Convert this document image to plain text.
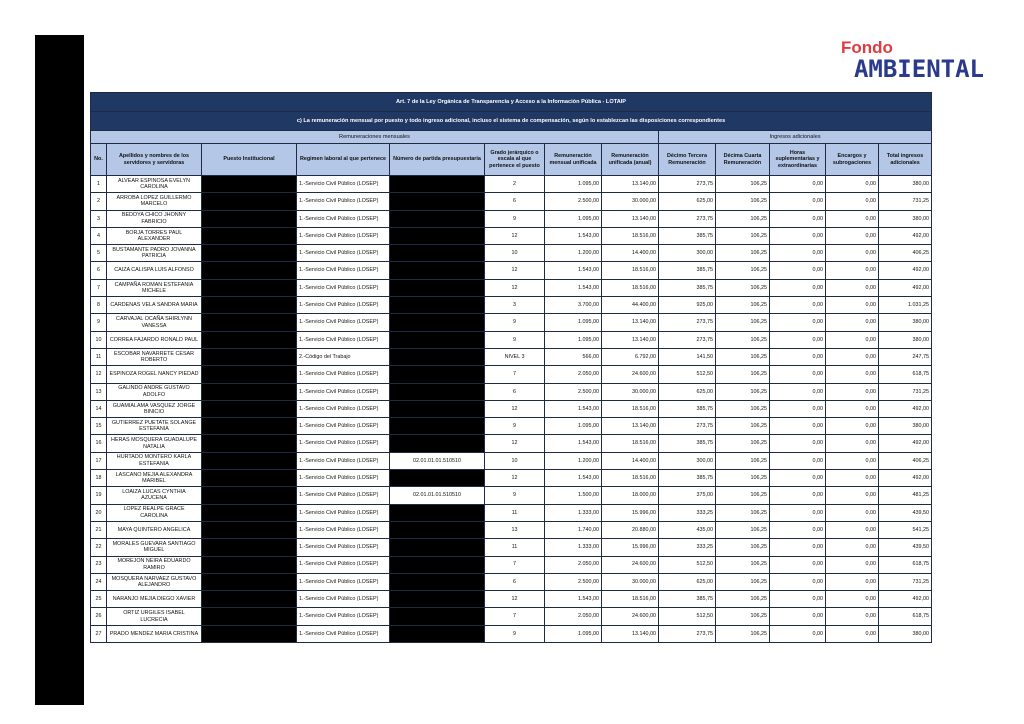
Fondo
AMBIENTAL
Art. 7 de la Ley Orgánica de Transparencia y Acceso a la Información Pública - LOTAIP												
c) La remuneración mensual por puesto y todo ingreso adicional, incluso el sistema de compensación, según lo establezcan las disposiciones correspondientes												
Remuneraciones mensuales								Ingresos adicionales				
No.	Apellidos y nombres de los servidores y servidoras	Puesto Institucional	Regimen laboral al que pertenece	Número de partida presupuestaria	Grado jerárquico o escala al que pertenece el puesto	Remuneración mensual unificada	Remuneración unificada (anual)	Décimo Tercera Remuneración	Décima Cuarta Remuneración	Horas suplementarias y extraordinarias	Encargos y subrogaciones	Total ingresos adicionales
1	ALVEAR ESPINOSA EVELYN CAROLINA		1.-Servicio Civil Público (LOSEP)		2	1.095,00	13.140,00	273,75	106,25	0,00	0,00	380,00
2	ARROBA LOPEZ GUILLERMO MARCELO		1.-Servicio Civil Público (LOSEP)		6	2.500,00	30.000,00	625,00	106,25	0,00	0,00	731,25
3	BEDOYA CHICO JHONNY FABRICIO		1.-Servicio Civil Público (LOSEP)		9	1.095,00	13.140,00	273,75	106,25	0,00	0,00	380,00
4	BORJA TORRES PAUL ALEXANDER		1.-Servicio Civil Público (LOSEP)		12	1.543,00	18.516,00	385,75	106,25	0,00	0,00	492,00
5	BUSTAMANTE PADRO JOVANNA PATRICIA		1.-Servicio Civil Público (LOSEP)		10	1.200,00	14.400,00	300,00	106,25	0,00	0,00	406,25
6	CAIZA CALISPA LUIS ALFONSO		1.-Servicio Civil Público (LOSEP)		12	1.543,00	18.516,00	385,75	106,25	0,00	0,00	492,00
7	CAMPAÑA ROMAN ESTEFANIA MICHELE		1.-Servicio Civil Público (LOSEP)		12	1.543,00	18.516,00	385,75	106,25	0,00	0,00	492,00
8	CARDENAS VELA SANDRA MARIA		1.-Servicio Civil Público (LOSEP)		3	3.700,00	44.400,00	925,00	106,25	0,00	0,00	1.031,25
9	CARVAJAL OCAÑA SHIRLYNN VANESSA		1.-Servicio Civil Público (LOSEP)		9	1.095,00	13.140,00	273,75	106,25	0,00	0,00	380,00
10	CORREA FAJARDO RONALD PAUL		1.-Servicio Civil Público (LOSEP)		9	1.095,00	13.140,00	273,75	106,25	0,00	0,00	380,00
11	ESCOBAR NAVARRETE CESAR ROBERTO		2.-Código del Trabajo		NIVEL 3	566,00	6.792,00	141,50	106,25	0,00	0,00	247,75
12	ESPINOZA ROGEL NANCY PIEDAD		1.-Servicio Civil Público (LOSEP)		7	2.050,00	24.600,00	512,50	106,25	0,00	0,00	618,75
13	GALINDO ANDRE GUSTAVO ADOLFO		1.-Servicio Civil Público (LOSEP)		6	2.500,00	30.000,00	625,00	106,25	0,00	0,00	731,25
14	GUAMIALAMA VASQUEZ JORGE BINICIO		1.-Servicio Civil Público (LOSEP)		12	1.543,00	18.516,00	385,75	106,25	0,00	0,00	492,00
15	GUTIERREZ PUETATE SOLANGE ESTEFANIA		1.-Servicio Civil Público (LOSEP)		9	1.095,00	13.140,00	273,75	106,25	0,00	0,00	380,00
16	HERAS MOSQUERA GUADALUPE NATALIA		1.-Servicio Civil Público (LOSEP)		12	1.543,00	18.516,00	385,75	106,25	0,00	0,00	492,00
17	HURTADO MONTERO KARLA ESTEFANIA		1.-Servicio Civil Público (LOSEP)	02.01.01.01.510510	10	1.200,00	14.400,00	300,00	106,25	0,00	0,00	406,25
18	LASCANO MEJIA ALEXANDRA MARIBEL		1.-Servicio Civil Público (LOSEP)		12	1.543,00	18.516,00	385,75	106,25	0,00	0,00	492,00
19	LOAIZA LUCAS CYNTHIA AZUCENA		1.-Servicio Civil Público (LOSEP)	02.01.01.01.510510	9	1.500,00	18.000,00	375,00	106,25	0,00	0,00	481,25
20	LOPEZ REALPE GRACE CAROLINA		1.-Servicio Civil Público (LOSEP)		11	1.333,00	15.996,00	333,25	106,25	0,00	0,00	439,50
21	MAYA QUINTERO ANGELICA		1.-Servicio Civil Público (LOSEP)		13	1.740,00	20.880,00	435,00	106,25	0,00	0,00	541,25
22	MORALES GUEVARA SANTIAGO MIGUEL		1.-Servicio Civil Público (LOSEP)		11	1.333,00	15.996,00	333,25	106,25	0,00	0,00	439,50
23	MOREJON NEIRA EDUARDO RAMIRO		1.-Servicio Civil Público (LOSEP)		7	2.050,00	24.600,00	512,50	106,25	0,00	0,00	618,75
24	MOSQUERA NARVAEZ GUSTAVO ALEJANDRO		1.-Servicio Civil Público (LOSEP)		6	2.500,00	30.000,00	625,00	106,25	0,00	0,00	731,25
25	NARANJO MEJIA DIEGO XAVIER		1.-Servicio Civil Público (LOSEP)		12	1.543,00	18.516,00	385,75	106,25	0,00	0,00	492,00
26	ORTIZ URGILES ISABEL LUCRECIA		1.-Servicio Civil Público (LOSEP)		7	2.050,00	24.600,00	512,50	106,25	0,00	0,00	618,75
27	PRADO MENDEZ MARIA CRISTINA		1.-Servicio Civil Público (LOSEP)		9	1.095,00	13.140,00	273,75	106,25	0,00	0,00	380,00
